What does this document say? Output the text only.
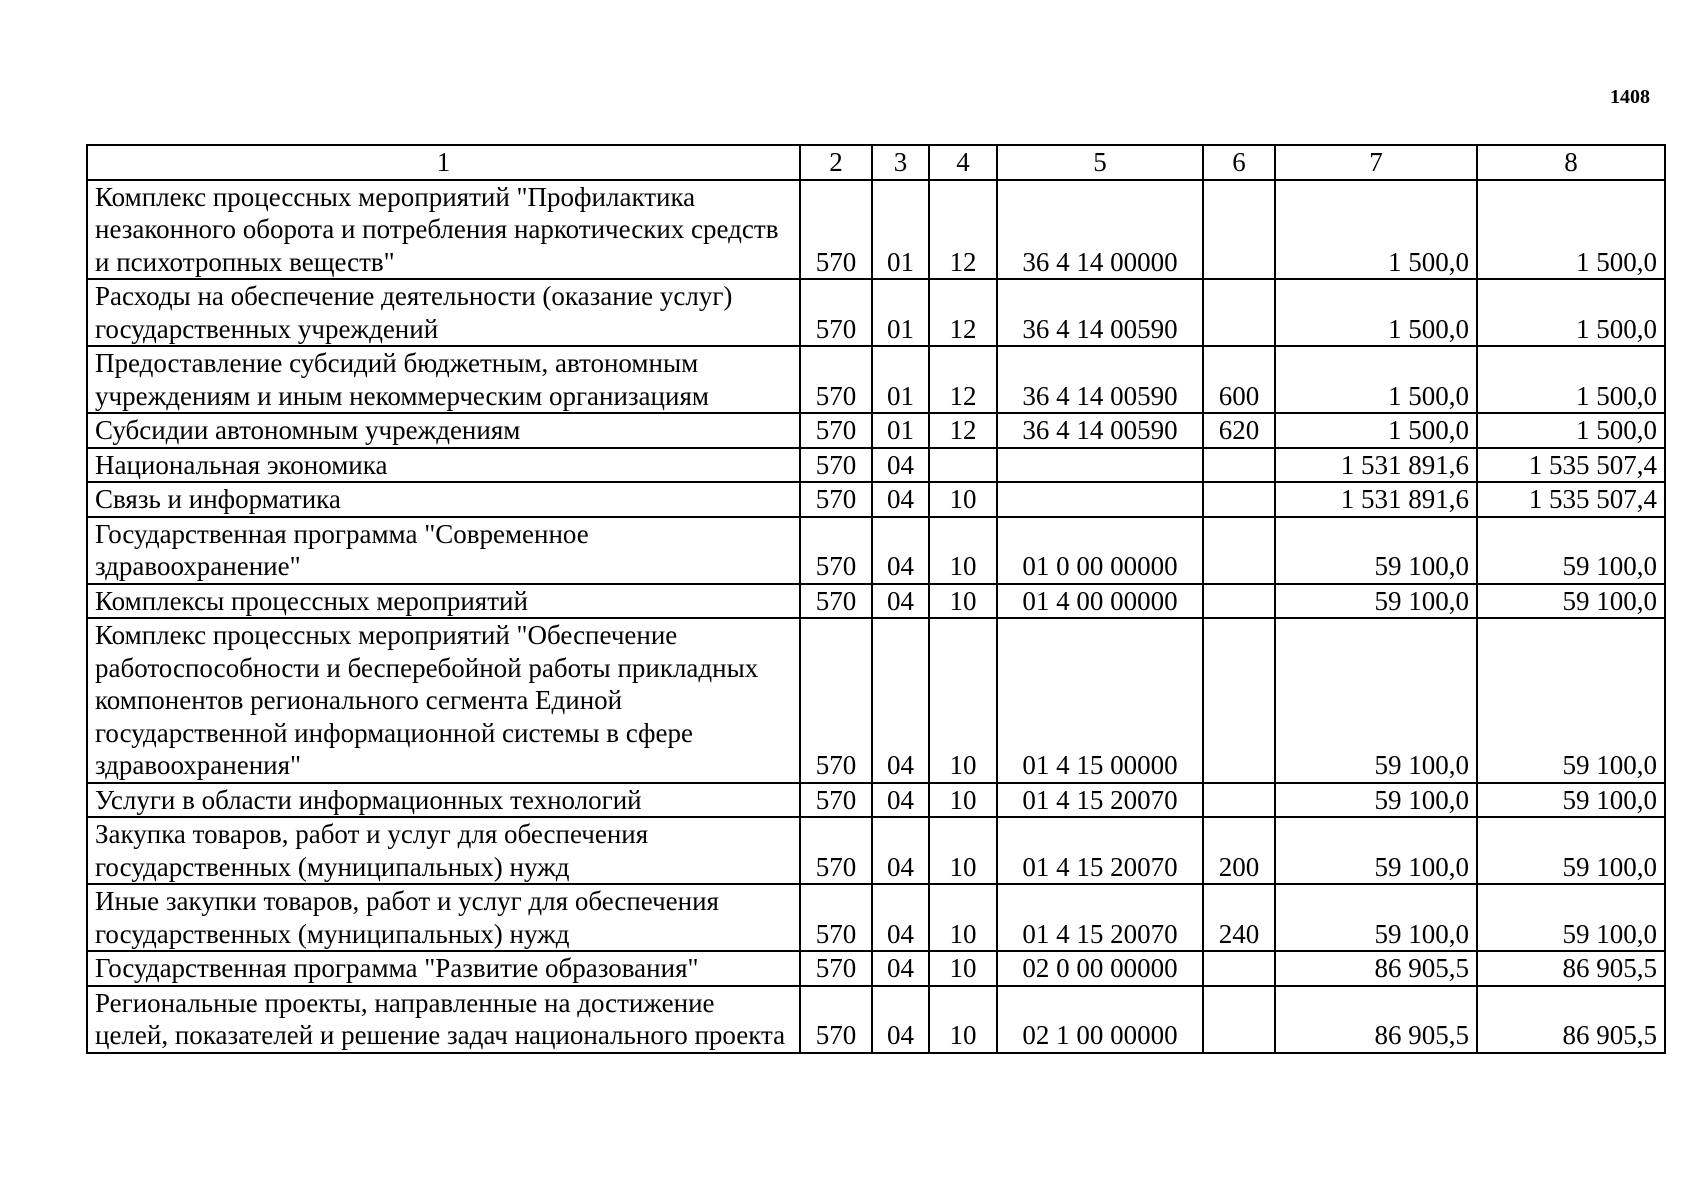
1408
1	2	3	4	5	6	7	8
Комплекс процессных мероприятий "Профилактика незаконного оборота и потребления наркотических средств и психотропных веществ"	570	01	12	36 4 14 00000		1 500,0	1 500,0
Расходы на обеспечение деятельности (оказание услуг) государственных учреждений	570	01	12	36 4 14 00590		1 500,0	1 500,0
Предоставление субсидий бюджетным, автономным учреждениям и иным некоммерческим организациям	570	01	12	36 4 14 00590	600	1 500,0	1 500,0
Субсидии автономным учреждениям	570	01	12	36 4 14 00590	620	1 500,0	1 500,0
Национальная экономика	570	04				1 531 891,6	1 535 507,4
Связь и информатика	570	04	10			1 531 891,6	1 535 507,4
Государственная программа "Современное здравоохранение"	570	04	10	01 0 00 00000		59 100,0	59 100,0
Комплексы процессных мероприятий	570	04	10	01 4 00 00000		59 100,0	59 100,0
Комплекс процессных мероприятий "Обеспечение работоспособности и бесперебойной работы прикладных компонентов регионального сегмента Единой государственной информационной системы в сфере здравоохранения"	570	04	10	01 4 15 00000		59 100,0	59 100,0
Услуги в области информационных технологий	570	04	10	01 4 15 20070		59 100,0	59 100,0
Закупка товаров, работ и услуг для обеспечения государственных (муниципальных) нужд	570	04	10	01 4 15 20070	200	59 100,0	59 100,0
Иные закупки товаров, работ и услуг для обеспечения государственных (муниципальных) нужд	570	04	10	01 4 15 20070	240	59 100,0	59 100,0
Государственная программа "Развитие образования"	570	04	10	02 0 00 00000		86 905,5	86 905,5
Региональные проекты, направленные на достижение целей, показателей и решение задач национального проекта	570	04	10	02 1 00 00000		86 905,5	86 905,5
